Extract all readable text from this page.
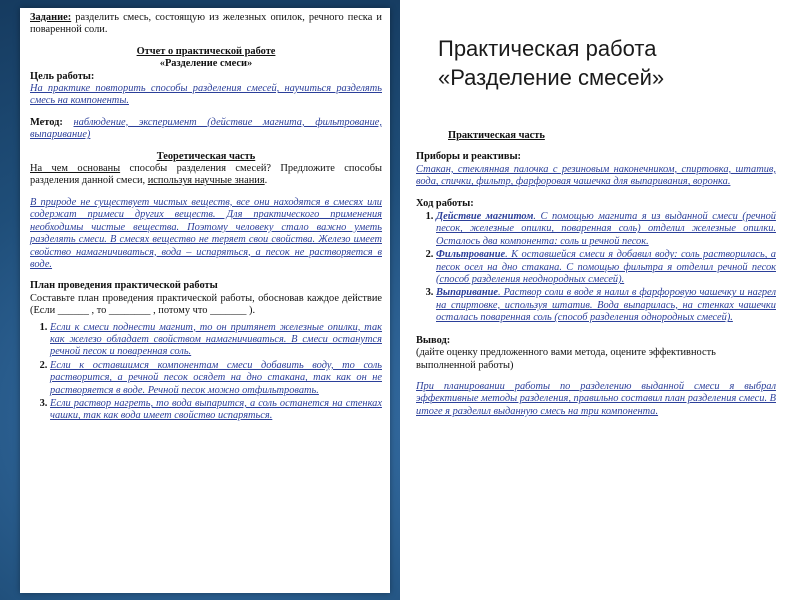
Задание: разделить смесь, состоящую из железных опилок, речного песка и поваренной соли.

Отчет о практической работе

«Разделение смеси»

Цель работы:

На практике повторить способы разделения смесей, научиться разделять смесь на компоненты.

Метод: наблюдение, эксперимент (действие магнита, фильтрование, выпаривание)

Теоретическая часть

На чем основаны способы разделения смесей? Предложите способы разделения данной смеси, используя научные знания.

В природе не существует чистых веществ, все они находятся в смесях или содержат примеси других веществ. Для практического применения необходимы чистые вещества. Поэтому человеку стало важно уметь разделять смеси. В смесях вещество не теряет свои свойства. Железо имеет свойство намагничиваться, вода – испаряться, а песок не растворяется в воде.

План проведения практической работы

Составьте план проведения практической работы, обосновав каждое действие (Если ______ , то ________ , потому что _______ ).

1. Если к смеси поднести магнит, то он притянет железные опилки, так как железо обладает свойством намагничиваться. В смеси останутся речной песок и поваренная соль.
2. Если к оставшимся компонентам смеси добавить воду, то соль растворится, а речной песок осядет на дно стакана, так как он не растворяется в воде. Речной песок можно отфильтровать.
3. Если раствор нагреть, то вода выпарится, а соль останется на стенках чашки, так как вода имеет свойство испаряться.
Практическая работа
«Разделение смесей»

Практическая часть

Приборы и реактивы:

Стакан, стеклянная палочка с резиновым наконечником, спиртовка, штатив, вода, спички, фильтр, фарфоровая чашечка для выпаривания, воронка.

Ход работы:

1. Действие магнитом. С помощью магнита я из выданной смеси (речной песок, железные опилки, поваренная соль) отделил железные опилки. Осталось два компонента: соль и речной песок.
2. Фильтрование. К оставшейся смеси я добавил воду: соль растворилась, а песок осел на дно стакана. С помощью фильтра я отделил речной песок (способ разделения неоднородных смесей).
3. Выпаривание. Раствор соли в воде я налил в фарфоровую чашечку и нагрел на спиртовке, используя штатив. Вода выпарилась, на стенках чашечки осталась поваренная соль (способ разделения однородных смесей).

Вывод:

(дайте оценку предложенного вами метода, оцените эффективность выполненной работы)

При планировании работы по разделению выданной смеси я выбрал эффективные методы разделения, правильно составил план разделения смеси. В итоге я разделил выданную смесь на три компонента.
